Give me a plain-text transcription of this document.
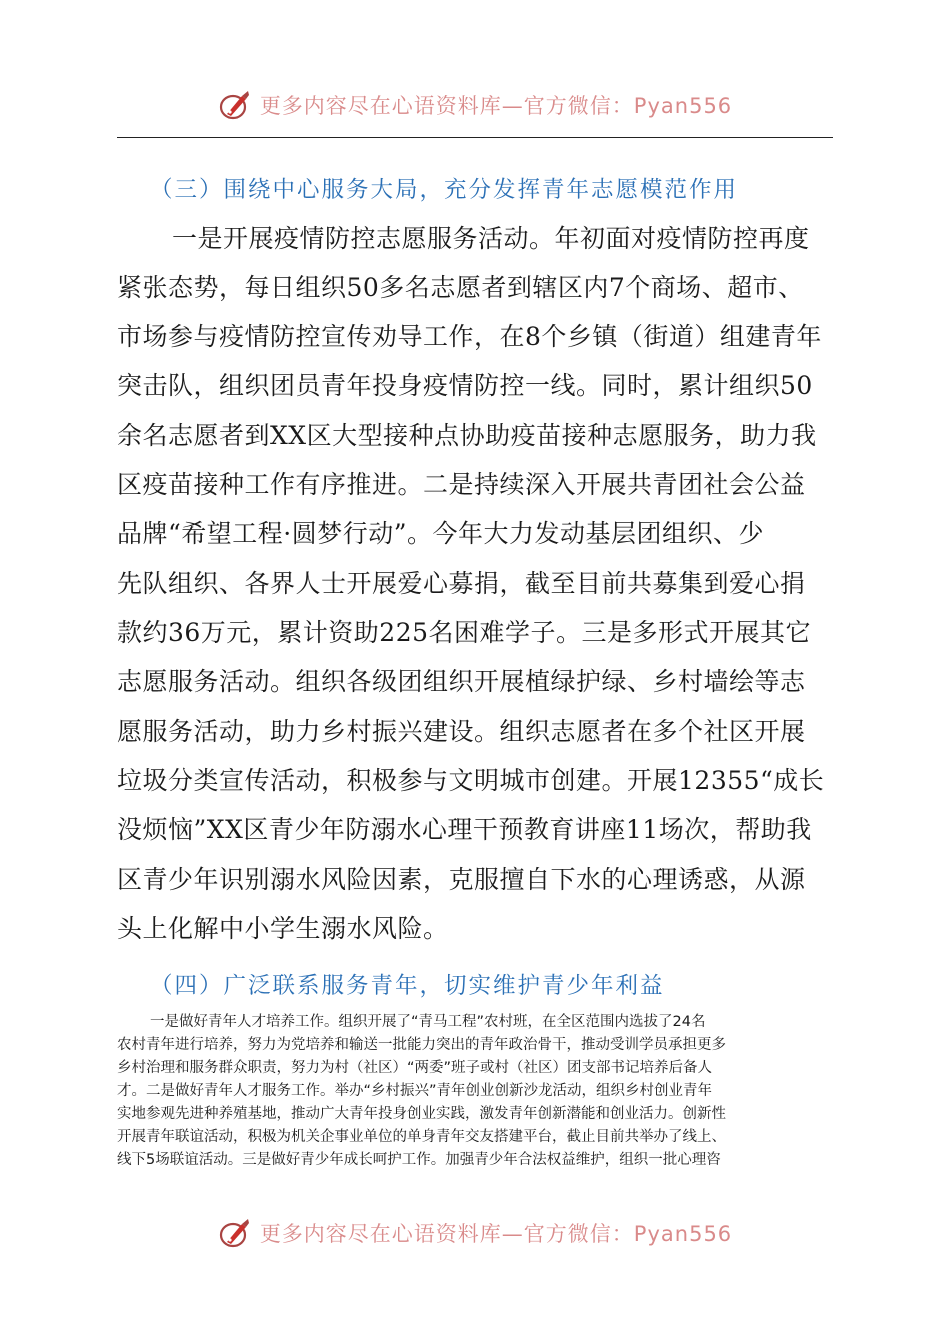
更多内容尽在心语资料库—官方微信：Pyan556
（三）围绕中心服务大局，充分发挥青年志愿模范作用
一是开展疫情防控志愿服务活动。年初面对疫情防控再度
紧张态势，每日组织50多名志愿者到辖区内7个商场、超市、
市场参与疫情防控宣传劝导工作，在8个乡镇（街道）组建青年
突击队，组织团员青年投身疫情防控一线。同时，累计组织50
余名志愿者到XX区大型接种点协助疫苗接种志愿服务，助力我
区疫苗接种工作有序推进。二是持续深入开展共青团社会公益
品牌“希望工程·圆梦行动”。今年大力发动基层团组织、少
先队组织、各界人士开展爱心募捐，截至目前共募集到爱心捐
款约36万元，累计资助225名困难学子。三是多形式开展其它
志愿服务活动。组织各级团组织开展植绿护绿、乡村墙绘等志
愿服务活动，助力乡村振兴建设。组织志愿者在多个社区开展
垃圾分类宣传活动，积极参与文明城市创建。开展12355“成长
没烦恼”XX区青少年防溺水心理干预教育讲座11场次，帮助我
区青少年识别溺水风险因素，克服擅自下水的心理诱惑，从源
头上化解中小学生溺水风险。
（四）广泛联系服务青年，切实维护青少年利益
一是做好青年人才培养工作。组织开展了“青马工程”农村班，在全区范围内选拔了24名
农村青年进行培养，努力为党培养和输送一批能力突出的青年政治骨干，推动受训学员承担更多
乡村治理和服务群众职责，努力为村（社区）“两委”班子或村（社区）团支部书记培养后备人
才。二是做好青年人才服务工作。举办“乡村振兴”青年创业创新沙龙活动，组织乡村创业青年
实地参观先进种养殖基地，推动广大青年投身创业实践，激发青年创新潜能和创业活力。创新性
开展青年联谊活动，积极为机关企事业单位的单身青年交友搭建平台，截止目前共举办了线上、
线下5场联谊活动。三是做好青少年成长呵护工作。加强青少年合法权益维护，组织一批心理咨
更多内容尽在心语资料库—官方微信：Pyan556
